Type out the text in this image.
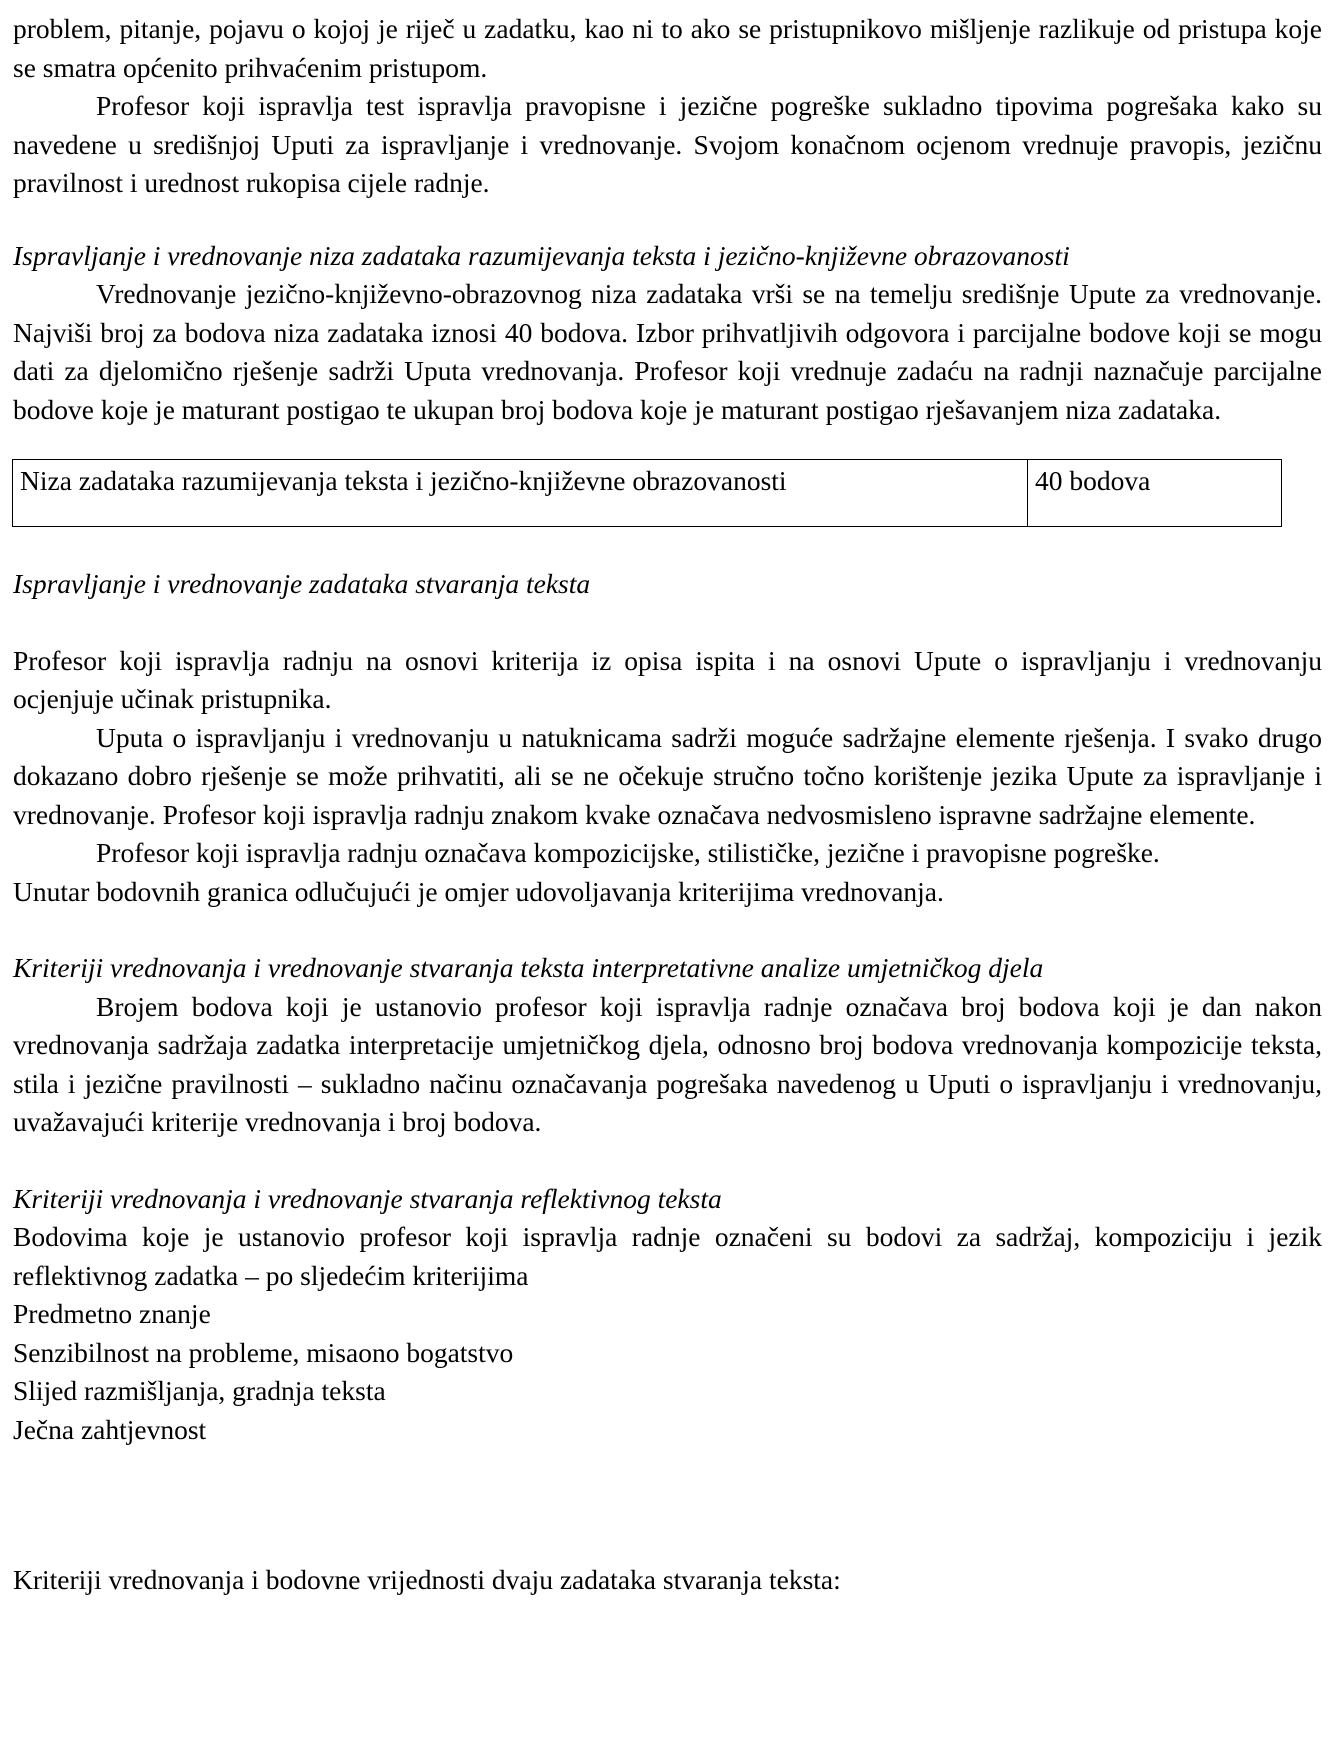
problem, pitanje, pojavu o kojoj je riječ u zadatku, kao ni to ako se pristupnikovo mišljenje razlikuje od pristupa koje se smatra općenito prihvaćenim pristupom.

Profesor koji ispravlja test ispravlja pravopisne i jezične pogreške sukladno tipovima pogrešaka kako su navedene u središnjoj Uputi za ispravljanje i vrednovanje. Svojom konačnom ocjenom vrednuje pravopis, jezičnu pravilnost i urednost rukopisa cijele radnje.

Ispravljanje i vrednovanje niza zadataka razumijevanja teksta i jezično-književne obrazovanosti

Vrednovanje jezično-književno-obrazovnog niza zadataka vrši se na temelju središnje Upute za vrednovanje. Najviši broj za bodova niza zadataka iznosi 40 bodova. Izbor prihvatljivih odgovora i parcijalne bodove koji se mogu dati za djelomično rješenje sadrži Uputa vrednovanja. Profesor koji vrednuje zadaću na radnji naznačuje parcijalne bodove koje je maturant postigao te ukupan broj bodova koje je maturant postigao rješavanjem niza zadataka.

Niza zadataka razumijevanja teksta i jezično-književne obrazovanosti	40 bodova

Ispravljanje i vrednovanje zadataka stvaranja teksta

Profesor koji ispravlja radnju na osnovi kriterija iz opisa ispita i na osnovi Upute o ispravljanju i vrednovanju ocjenjuje učinak pristupnika.

Uputa o ispravljanju i vrednovanju u natuknicama sadrži moguće sadržajne elemente rješenja. I svako drugo dokazano dobro rješenje se može prihvatiti, ali se ne očekuje stručno točno korištenje jezika Upute za ispravljanje i vrednovanje. Profesor koji ispravlja radnju znakom kvake označava nedvosmisleno ispravne sadržajne elemente.

Profesor koji ispravlja radnju označava kompozicijske, stilističke, jezične i pravopisne pogreške.

Unutar bodovnih granica odlučujući je omjer udovoljavanja kriterijima vrednovanja.

Kriteriji vrednovanja i vrednovanje stvaranja teksta interpretativne analize umjetničkog djela

Brojem bodova koji je ustanovio profesor koji ispravlja radnje označava broj bodova koji je dan nakon vrednovanja sadržaja zadatka interpretacije umjetničkog djela, odnosno broj bodova vrednovanja kompozicije teksta, stila i jezične pravilnosti – sukladno načinu označavanja pogrešaka navedenog u Uputi o ispravljanju i vrednovanju, uvažavajući kriterije vrednovanja i broj bodova.

Kriteriji vrednovanja i vrednovanje stvaranja reflektivnog teksta

Bodovima koje je ustanovio profesor koji ispravlja radnje označeni su bodovi za sadržaj, kompoziciju i jezik reflektivnog zadatka – po sljedećim kriterijima

Predmetno znanje
Senzibilnost na probleme, misaono bogatstvo
Slijed razmišljanja, gradnja teksta
Ječna zahtjevnost

Kriteriji vrednovanja i bodovne vrijednosti dvaju zadataka stvaranja teksta:
